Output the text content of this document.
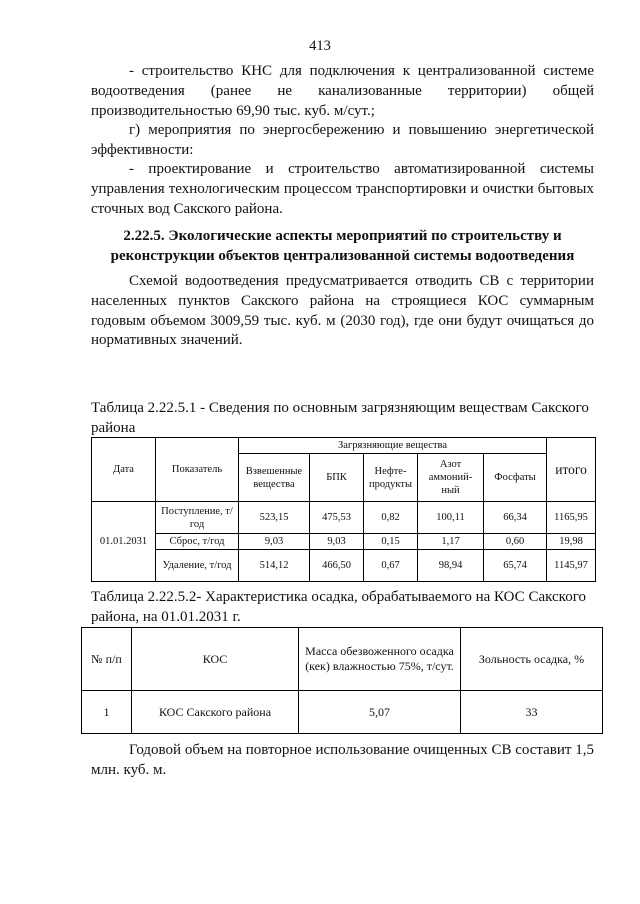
413
- строительство КНС для подключения к централизованной системе водоотведения (ранее не канализованные территории) общей производительностью 69,90 тыс. куб. м/сут.;
г) мероприятия по энергосбережению и повышению энергетической эффективности:
- проектирование и строительство автоматизированной системы управления технологическим процессом транспортировки и очистки бытовых сточных вод Сакского района.
2.22.5. Экологические аспекты мероприятий по строительству и
реконструкции объектов централизованной системы водоотведения
Схемой водоотведения предусматривается отводить СВ с территории населенных пунктов Сакского района на строящиеся КОС суммарным годовым объемом 3009,59 тыс. куб. м (2030 год), где они будут очищаться до нормативных значений.
Таблица 2.22.5.1 - Сведения по основным загрязняющим веществам Сакского района
Дата	Показатель	Загрязняющие вещества					итого
		Взвешенные вещества	БПК	Нефте-продукты	Азот аммоний-ный	Фосфаты	
01.01.2031	Поступление, т/год	523,15	475,53	0,82	100,11	66,34	1165,95
	Сброс, т/год	9,03	9,03	0,15	1,17	0,60	19,98
	Удаление, т/год	514,12	466,50	0,67	98,94	65,74	1145,97
Таблица 2.22.5.2- Характеристика осадка, обрабатываемого на КОС Сакского района, на 01.01.2031 г.
№ п/п	КОС	Масса обезвоженного осадка (кек) влажностью 75%, т/сут.	Зольность осадка, %
1	КОС Сакского района	5,07	33
Годовой объем на повторное использование очищенных СВ составит 1,5 млн. куб. м.
